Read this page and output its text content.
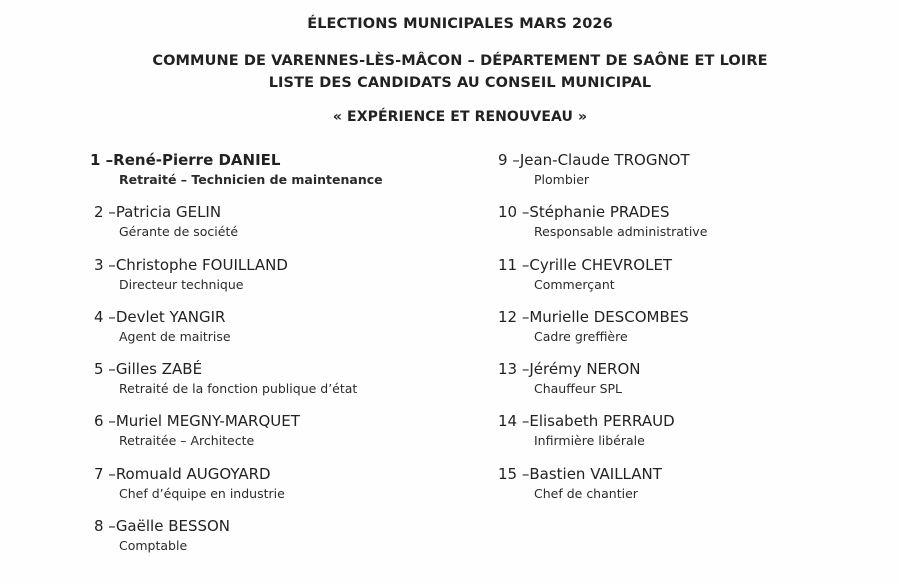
ÉLECTIONS MUNICIPALES MARS 2026
COMMUNE DE VARENNES-LÈS-MÂCON – DÉPARTEMENT DE SAÔNE ET LOIRE
LISTE DES CANDIDATS AU CONSEIL MUNICIPAL
« EXPÉRIENCE ET RENOUVEAU »
1 –René-Pierre DANIEL
Retraité – Technicien de maintenance
2 –Patricia GELIN
Gérante de société
3 –Christophe FOUILLAND
Directeur technique
4 –Devlet YANGIR
Agent de maitrise
5 –Gilles ZABÉ
Retraité de la fonction publique d’état
6 –Muriel MEGNY-MARQUET
Retraitée – Architecte
7 –Romuald AUGOYARD
Chef d’équipe en industrie
8 –Gaëlle BESSON
Comptable
9 –Jean-Claude TROGNOT
Plombier
10 –Stéphanie PRADES
Responsable administrative
11 –Cyrille CHEVROLET
Commerçant
12 –Murielle DESCOMBES
Cadre greffière
13 –Jérémy NERON
Chauffeur SPL
14 –Elisabeth PERRAUD
Infirmière libérale
15 –Bastien VAILLANT
Chef de chantier
